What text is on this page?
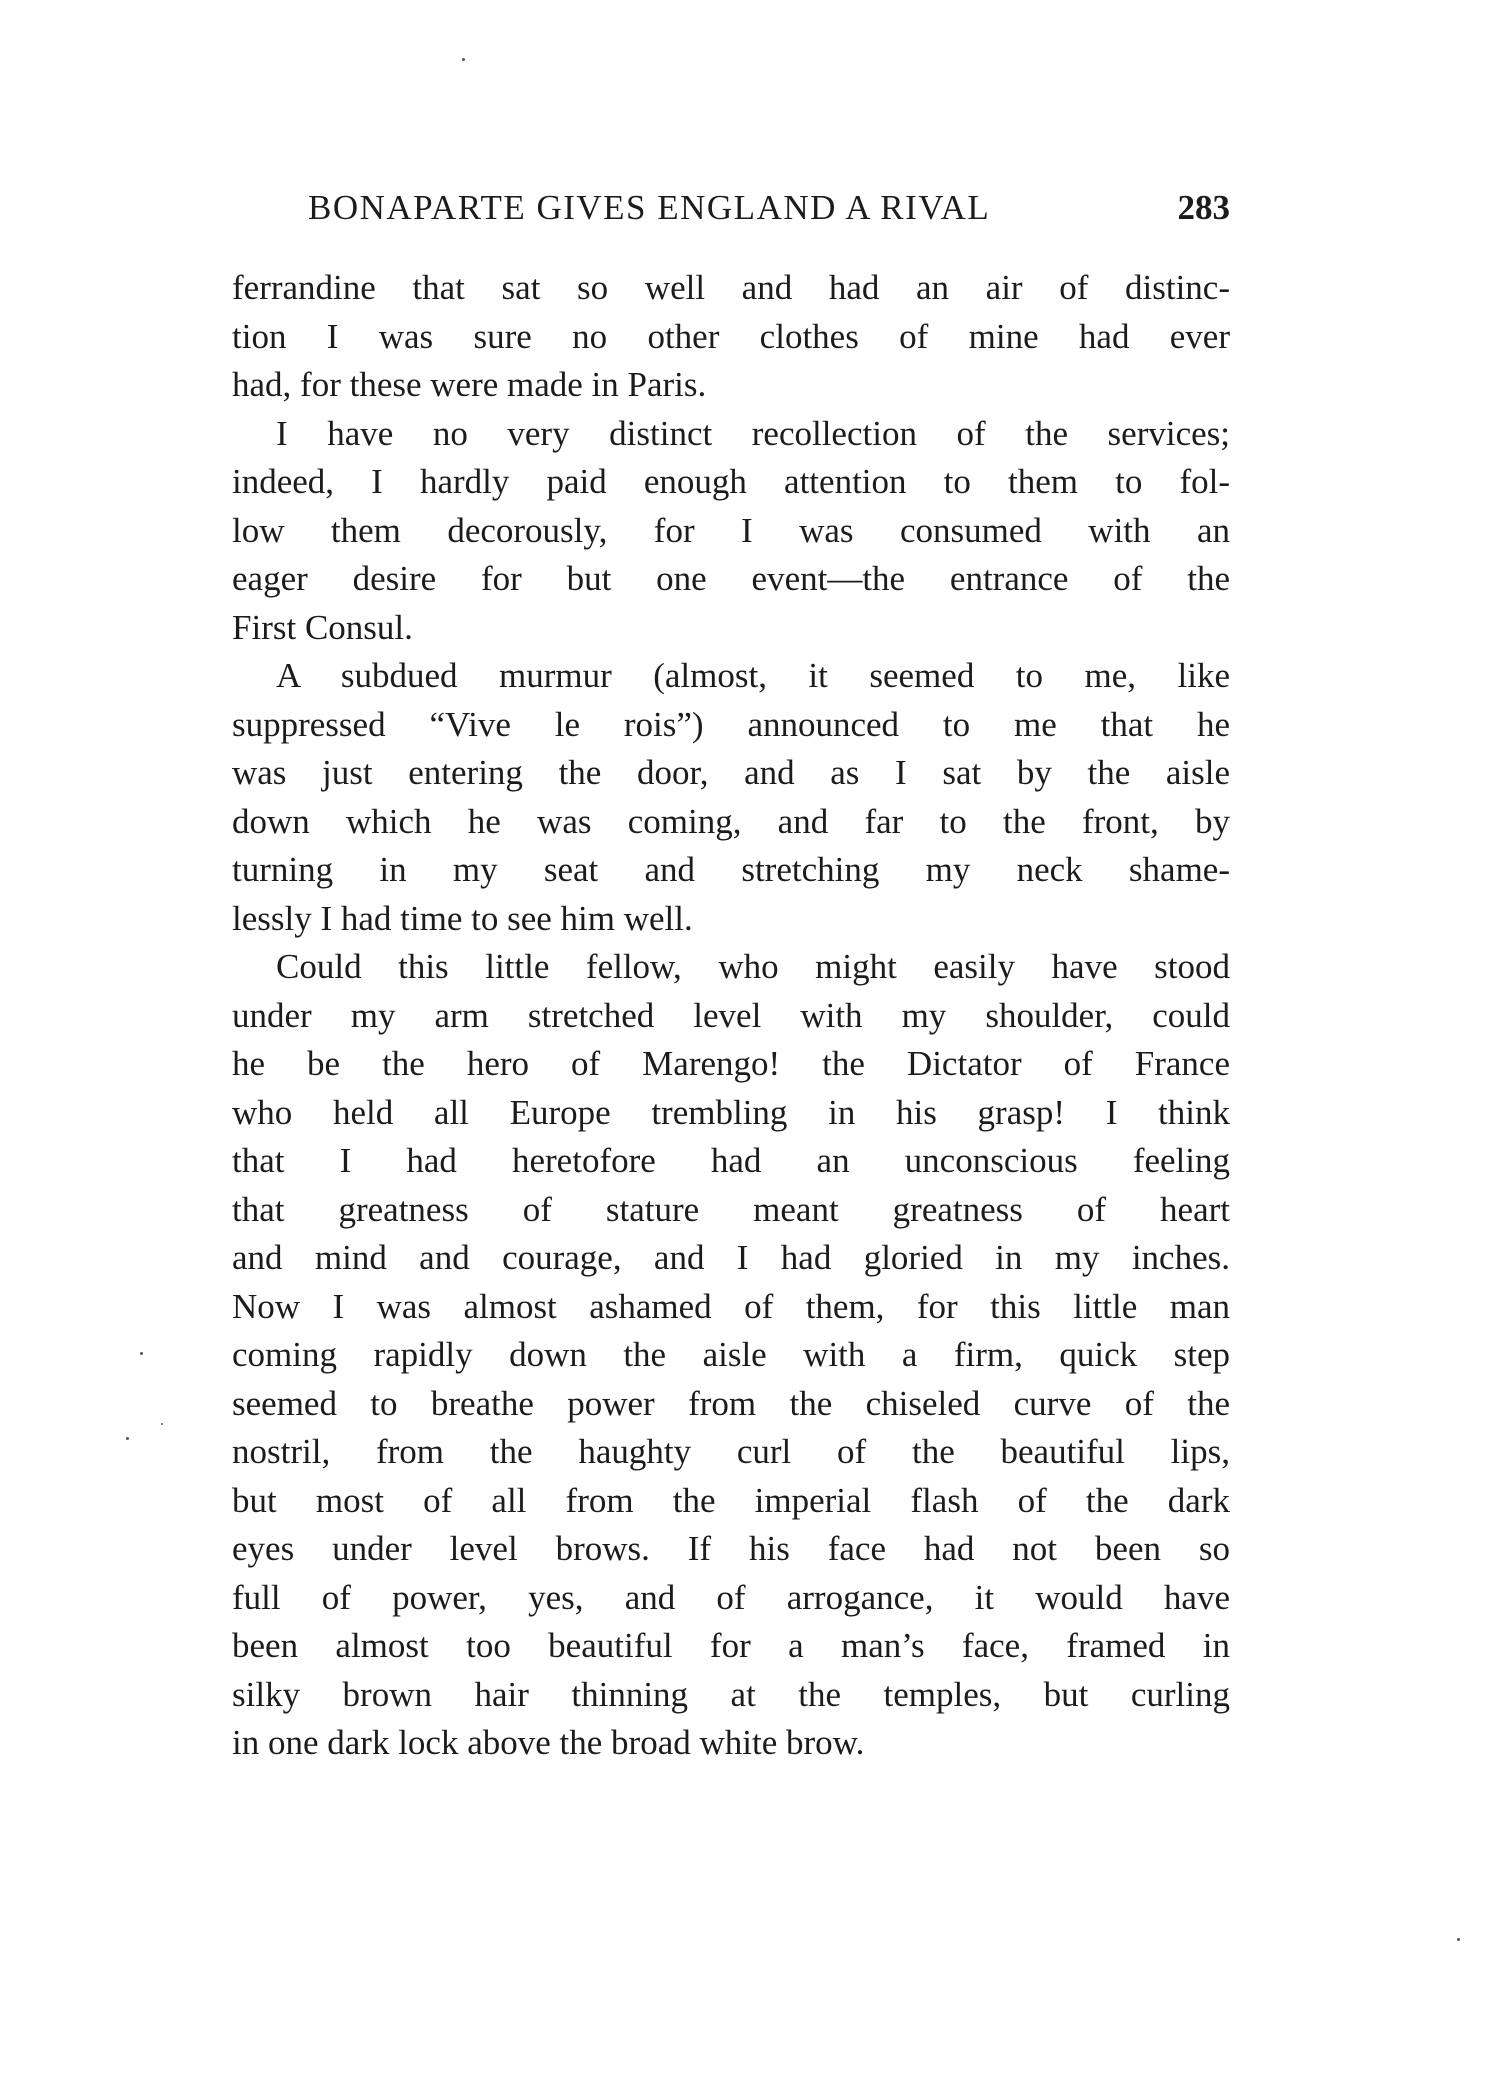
BONAPARTE GIVES ENGLAND A RIVAL	283

ferrandine that sat so well and had an air of distinc-
tion I was sure no other clothes of mine had ever
had, for these were made in Paris.

I have no very distinct recollection of the services;
indeed, I hardly paid enough attention to them to fol-
low them decorously, for I was consumed with an
eager desire for but one event—the entrance of the
First Consul.

A subdued murmur (almost, it seemed to me, like
suppressed “Vive le rois”) announced to me that he
was just entering the door, and as I sat by the aisle
down which he was coming, and far to the front, by
turning in my seat and stretching my neck shame-
lessly I had time to see him well.

Could this little fellow, who might easily have stood
under my arm stretched level with my shoulder, could
he be the hero of Marengo! the Dictator of France
who held all Europe trembling in his grasp! I think
that I had heretofore had an unconscious feeling
that greatness of stature meant greatness of heart
and mind and courage, and I had gloried in my inches.
Now I was almost ashamed of them, for this little man
coming rapidly down the aisle with a firm, quick step
seemed to breathe power from the chiseled curve of the
nostril, from the haughty curl of the beautiful lips,
but most of all from the imperial flash of the dark
eyes under level brows. If his face had not been so
full of power, yes, and of arrogance, it would have
been almost too beautiful for a man’s face, framed in
silky brown hair thinning at the temples, but curling
in one dark lock above the broad white brow.
